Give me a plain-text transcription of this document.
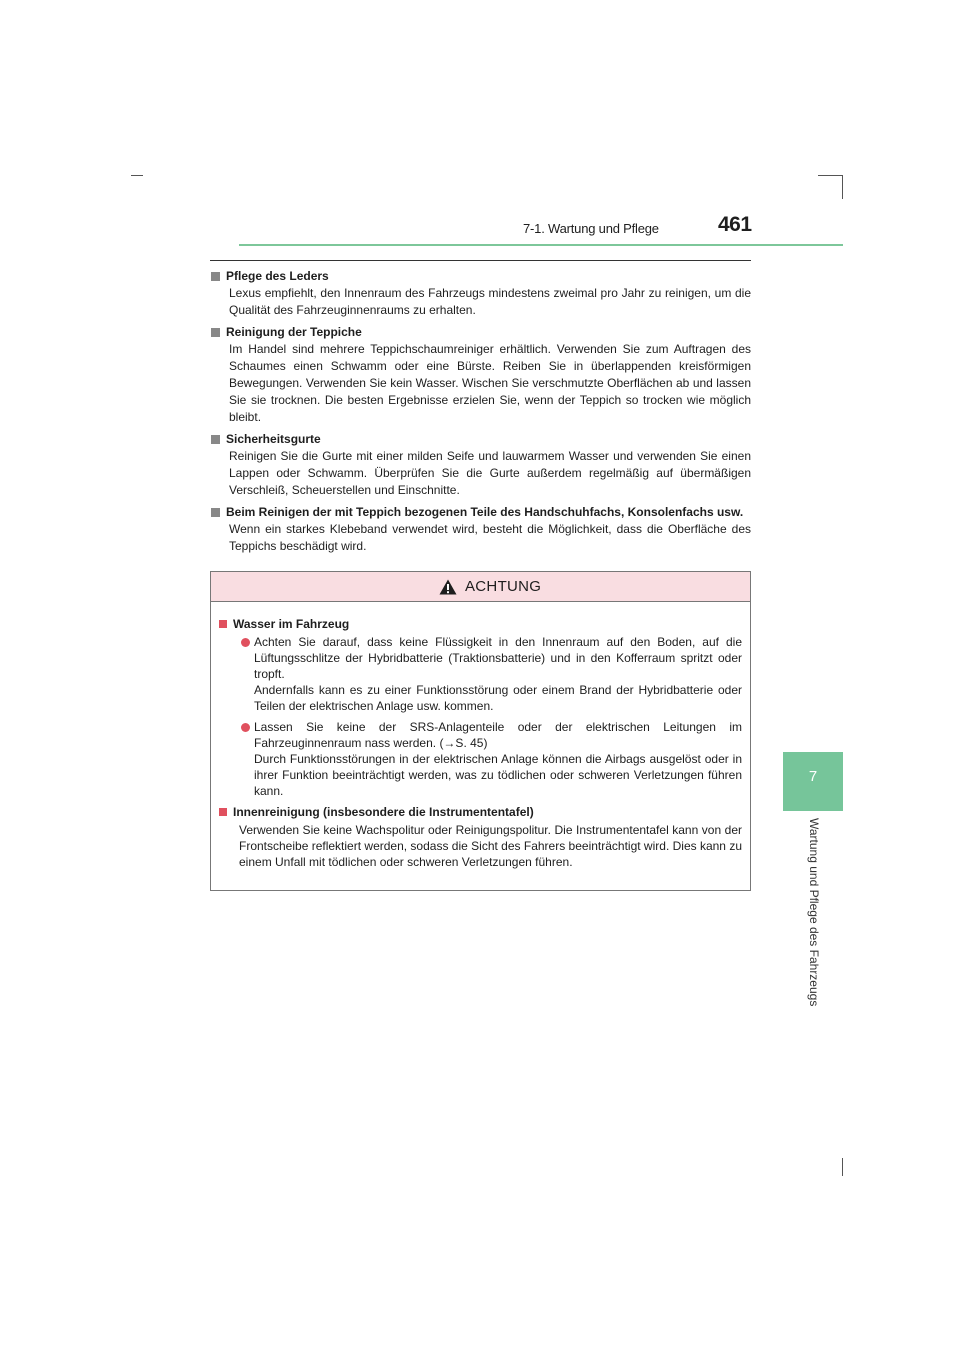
7-1. Wartung und Pflege	461
7
Wartung und Pflege des Fahrzeugs
Pflege des Leders
Lexus empfiehlt, den Innenraum des Fahrzeugs mindestens zweimal pro Jahr zu reinigen, um die Qualität des Fahrzeuginnenraums zu erhalten.
Reinigung der Teppiche
Im Handel sind mehrere Teppichschaumreiniger erhältlich. Verwenden Sie zum Auftragen des Schaumes einen Schwamm oder eine Bürste. Reiben Sie in überlappenden kreisförmigen Bewegungen. Verwenden Sie kein Wasser. Wischen Sie verschmutzte Oberflächen ab und lassen Sie sie trocknen. Die besten Ergebnisse erzielen Sie, wenn der Teppich so trocken wie möglich bleibt.
Sicherheitsgurte
Reinigen Sie die Gurte mit einer milden Seife und lauwarmem Wasser und verwenden Sie einen Lappen oder Schwamm. Überprüfen Sie die Gurte außerdem regelmäßig auf übermäßigen Verschleiß, Scheuerstellen und Einschnitte.
Beim Reinigen der mit Teppich bezogenen Teile des Handschuhfachs, Konsolenfachs usw.
Wenn ein starkes Klebeband verwendet wird, besteht die Möglichkeit, dass die Oberfläche des Teppichs beschädigt wird.
ACHTUNG
Wasser im Fahrzeug
Achten Sie darauf, dass keine Flüssigkeit in den Innenraum auf den Boden, auf die Lüftungsschlitze der Hybridbatterie (Traktionsbatterie) und in den Kofferraum spritzt oder tropft.
Andernfalls kann es zu einer Funktionsstörung oder einem Brand der Hybridbatterie oder Teilen der elektrischen Anlage usw. kommen.
Lassen Sie keine der SRS-Anlagenteile oder der elektrischen Leitungen im Fahrzeuginnenraum nass werden. (→S. 45)
Durch Funktionsstörungen in der elektrischen Anlage können die Airbags ausgelöst oder in ihrer Funktion beeinträchtigt werden, was zu tödlichen oder schweren Verletzungen führen kann.
Innenreinigung (insbesondere die Instrumententafel)
Verwenden Sie keine Wachspolitur oder Reinigungspolitur. Die Instrumententafel kann von der Frontscheibe reflektiert werden, sodass die Sicht des Fahrers beeinträchtigt wird. Dies kann zu einem Unfall mit tödlichen oder schweren Verletzungen führen.
